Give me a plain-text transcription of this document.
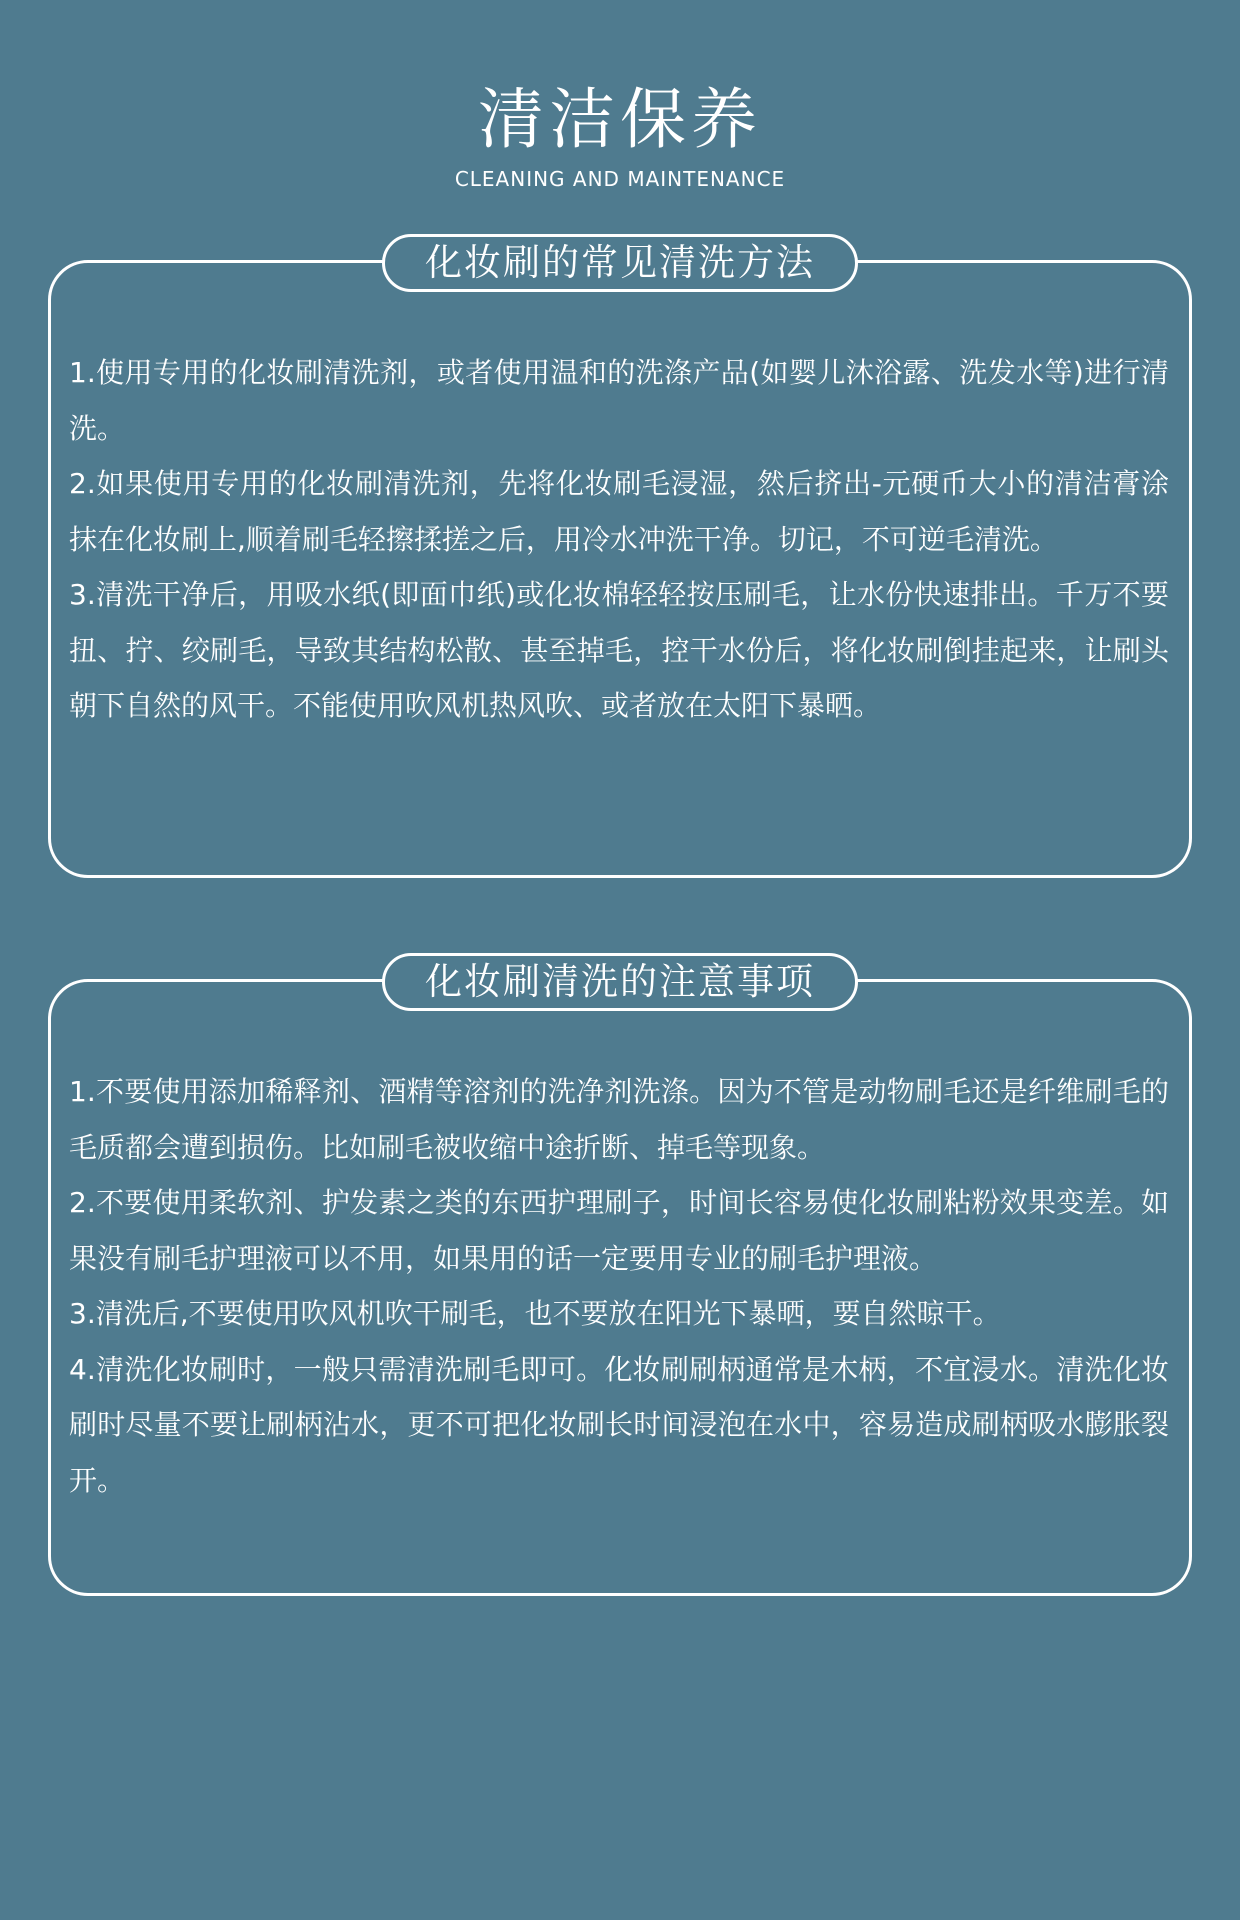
清洁保养
CLEANING AND MAINTENANCE
化妆刷的常见清洗方法

1.使用专用的化妆刷清洗剂，或者使用温和的洗涤产品(如婴儿沐浴露、洗发水等)进行清洗。

2.如果使用专用的化妆刷清洗剂，先将化妆刷毛浸湿，然后挤出-元硬币大小的清洁膏涂抹在化妆刷上,顺着刷毛轻擦揉搓之后，用冷水冲洗干净。切记，不可逆毛清洗。

3.清洗干净后，用吸水纸(即面巾纸)或化妆棉轻轻按压刷毛，让水份快速排出。千万不要扭、拧、绞刷毛，导致其结构松散、甚至掉毛，控干水份后，将化妆刷倒挂起来，让刷头朝下自然的风干。不能使用吹风机热风吹、或者放在太阳下暴晒。

化妆刷清洗的注意事项

1.不要使用添加稀释剂、酒精等溶剂的洗净剂洗涤。因为不管是动物刷毛还是纤维刷毛的毛质都会遭到损伤。比如刷毛被收缩中途折断、掉毛等现象。

2.不要使用柔软剂、护发素之类的东西护理刷子，时间长容易使化妆刷粘粉效果变差。如果没有刷毛护理液可以不用，如果用的话一定要用专业的刷毛护理液。

3.清洗后,不要使用吹风机吹干刷毛，也不要放在阳光下暴晒，要自然晾干。

4.清洗化妆刷时，一般只需清洗刷毛即可。化妆刷刷柄通常是木柄，不宜浸水。清洗化妆刷时尽量不要让刷柄沾水，更不可把化妆刷长时间浸泡在水中，容易造成刷柄吸水膨胀裂开。
